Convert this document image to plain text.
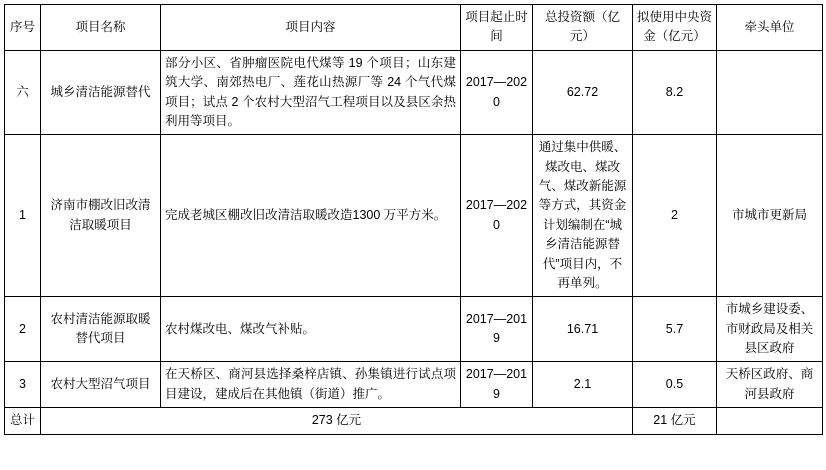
序号	项目名称	项目内容	项目起止时间	总投资额（亿元）	拟使用中央资金（亿元）	牵头单位
六	城乡清洁能源替代	部分小区、省肿瘤医院电代煤等 19 个项目；山东建筑大学、南郊热电厂、莲花山热源厂等 24 个气代煤项目；试点 2 个农村大型沼气工程项目以及县区余热利用等项目。	2017—2020	62.72	8.2	
1	济南市棚改旧改清洁取暖项目	完成老城区棚改旧改清洁取暖改造1300 万平方米。	2017—2020	通过集中供暖、煤改电、煤改气、煤改新能源等方式，其资金计划编制在“城乡清洁能源替代”项目内，不再单列。	2	市城市更新局
2	农村清洁能源取暖替代项目	农村煤改电、煤改气补贴。	2017—2019	16.71	5.7	市城乡建设委、市财政局及相关县区政府
3	农村大型沼气项目	在天桥区、商河县选择桑梓店镇、孙集镇进行试点项目建设，建成后在其他镇（街道）推广。	2017—2019	2.1	0.5	天桥区政府、商河县政府
总计	273 亿元				21 亿元	
